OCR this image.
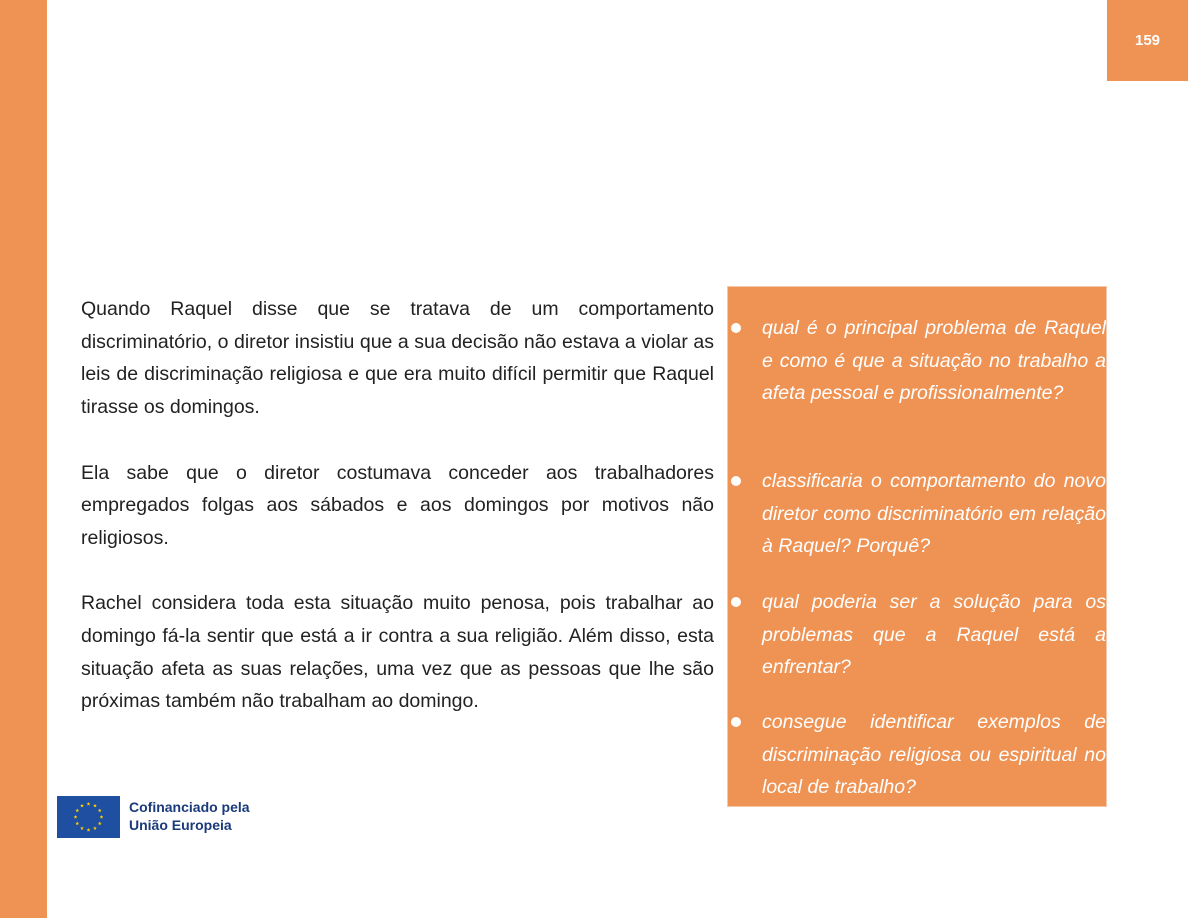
159

Quando Raquel disse que se tratava de um comportamento discriminatório, o diretor insistiu que a sua decisão não estava a violar as leis de discriminação religiosa e que era muito difícil permitir que Raquel tirasse os domingos.

Ela sabe que o diretor costumava conceder aos trabalhadores empregados folgas aos sábados e aos domingos por motivos não religiosos.

Rachel considera toda esta situação muito penosa, pois trabalhar ao domingo fá-la sentir que está a ir contra a sua religião. Além disso, esta situação afeta as suas relações, uma vez que as pessoas que lhe são próximas também não trabalham ao domingo.

qual é o principal problema de Raquel e como é que a situação no trabalho a afeta pessoal e profissionalmente?
classificaria o comportamento do novo diretor como discriminatório em relação à Raquel? Porquê?
qual poderia ser a solução para os problemas que a Raquel está a enfrentar?
consegue identificar exemplos de discriminação religiosa ou espiritual no local de trabalho?
Cofinanciado pela
União Europeia
